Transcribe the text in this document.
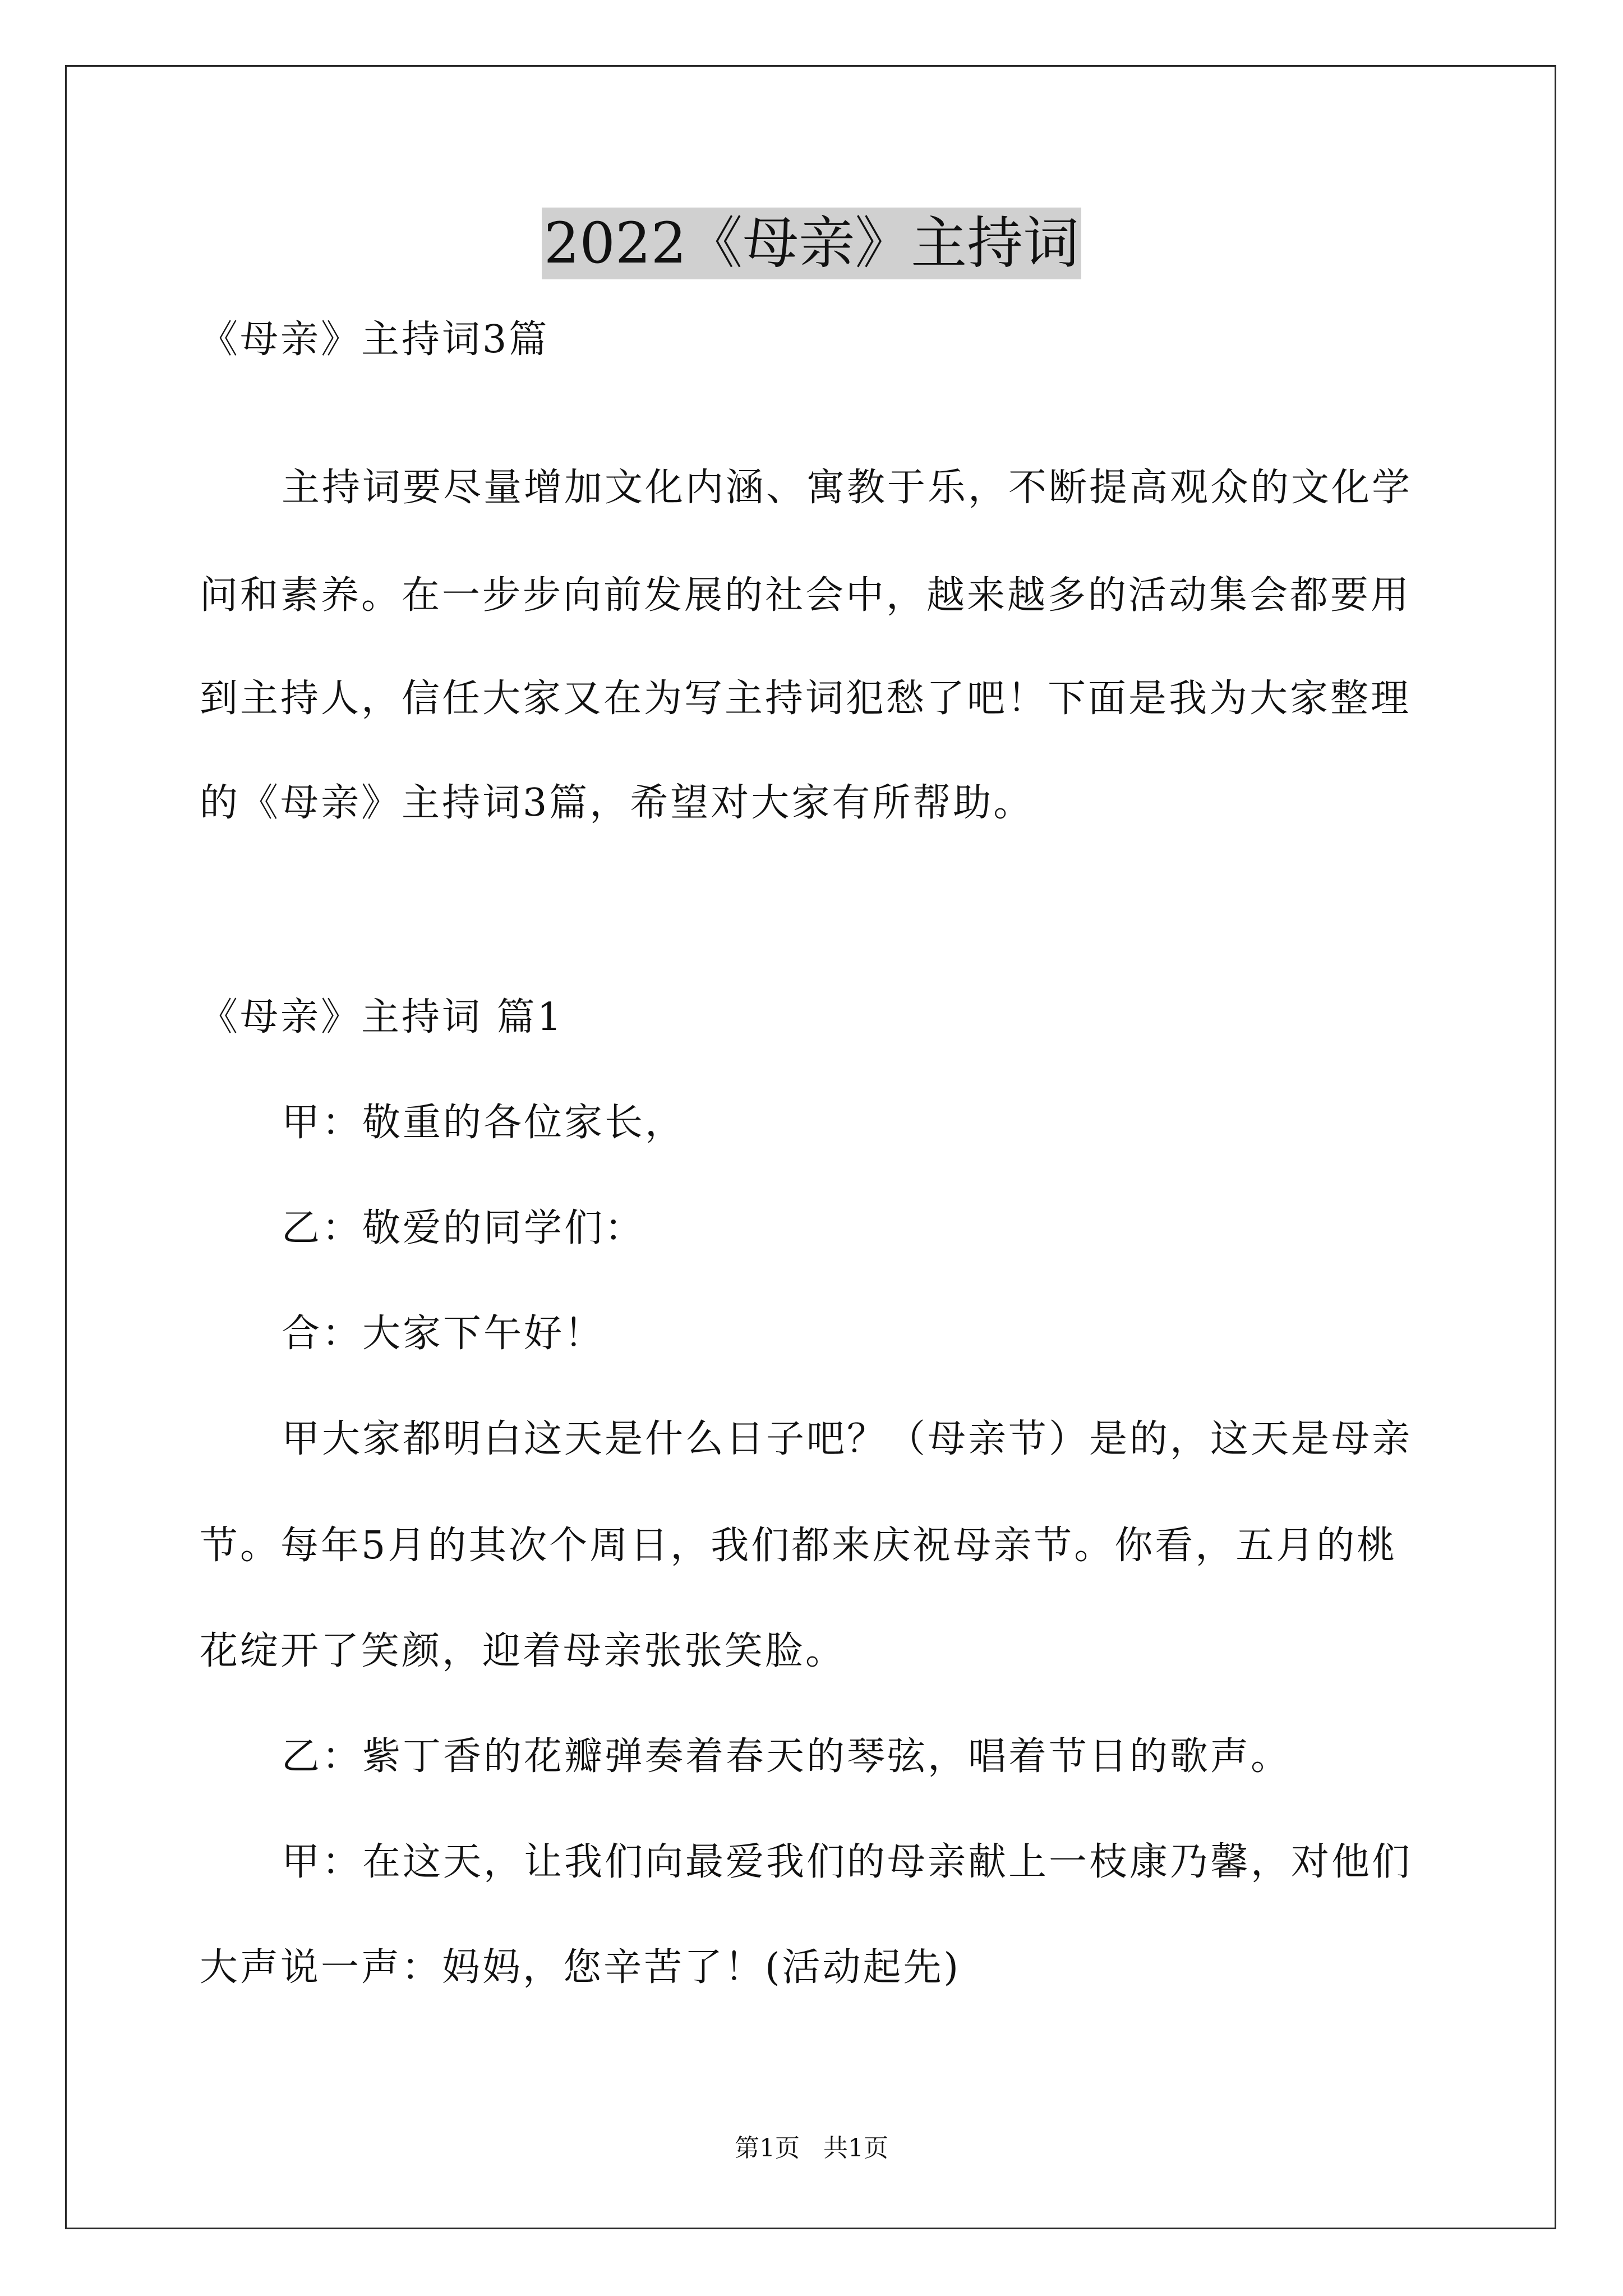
2022《母亲》主持词
《母亲》主持词3篇
主持词要尽量增加文化内涵、寓教于乐，不断提高观众的文化学
问和素养。在一步步向前发展的社会中，越来越多的活动集会都要用
到主持人，信任大家又在为写主持词犯愁了吧！下面是我为大家整理
的《母亲》主持词3篇，希望对大家有所帮助。
《母亲》主持词 篇1
甲：敬重的各位家长，
乙：敬爱的同学们：
合：大家下午好！
甲大家都明白这天是什么日子吧？（母亲节）是的，这天是母亲
节。每年5月的其次个周日，我们都来庆祝母亲节。你看，五月的桃
花绽开了笑颜，迎着母亲张张笑脸。
乙：紫丁香的花瓣弹奏着春天的琴弦，唱着节日的歌声。
甲：在这天，让我们向最爱我们的母亲献上一枝康乃馨，对他们
大声说一声：妈妈，您辛苦了！(活动起先)
第1页   共1页
